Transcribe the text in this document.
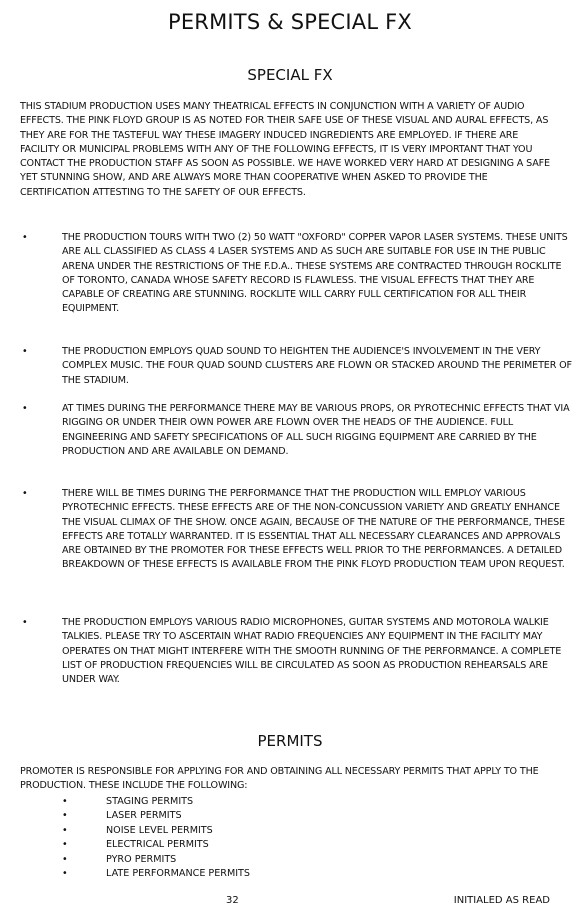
PERMITS & SPECIAL FX
SPECIAL FX
THIS STADIUM PRODUCTION USES MANY THEATRICAL EFFECTS IN CONJUNCTION WITH A VARIETY OF AUDIO EFFECTS. THE PINK FLOYD GROUP IS AS NOTED FOR THEIR SAFE USE OF THESE VISUAL AND AURAL EFFECTS, AS THEY ARE FOR THE TASTEFUL WAY THESE IMAGERY INDUCED INGREDIENTS ARE EMPLOYED. IF THERE ARE FACILITY OR MUNICIPAL PROBLEMS WITH ANY OF THE FOLLOWING EFFECTS, IT IS VERY IMPORTANT THAT YOU CONTACT THE PRODUCTION STAFF AS SOON AS POSSIBLE. WE HAVE WORKED VERY HARD AT DESIGNING A SAFE YET STUNNING SHOW, AND ARE ALWAYS MORE THAN COOPERATIVE WHEN ASKED TO PROVIDE THE CERTIFICATION ATTESTING TO THE SAFETY OF OUR EFFECTS.
•	THE PRODUCTION TOURS WITH TWO (2) 50 WATT "OXFORD" COPPER VAPOR LASER SYSTEMS. THESE UNITS ARE ALL CLASSIFIED AS CLASS 4 LASER SYSTEMS AND AS SUCH ARE SUITABLE FOR USE IN THE PUBLIC ARENA UNDER THE RESTRICTIONS OF THE F.D.A.. THESE SYSTEMS ARE CONTRACTED THROUGH ROCKLITE OF TORONTO, CANADA WHOSE SAFETY RECORD IS FLAWLESS. THE VISUAL EFFECTS THAT THEY ARE CAPABLE OF CREATING ARE STUNNING. ROCKLITE WILL CARRY FULL CERTIFICATION FOR ALL THEIR EQUIPMENT.
•	THE PRODUCTION EMPLOYS QUAD SOUND TO HEIGHTEN THE AUDIENCE'S INVOLVEMENT IN THE VERY COMPLEX MUSIC. THE FOUR QUAD SOUND CLUSTERS ARE FLOWN OR STACKED AROUND THE PERIMETER OF THE STADIUM.
•	AT TIMES DURING THE PERFORMANCE THERE MAY BE VARIOUS PROPS, OR PYROTECHNIC EFFECTS THAT VIA RIGGING OR UNDER THEIR OWN POWER ARE FLOWN OVER THE HEADS OF THE AUDIENCE. FULL ENGINEERING AND SAFETY SPECIFICATIONS OF ALL SUCH RIGGING EQUIPMENT ARE CARRIED BY THE PRODUCTION AND ARE AVAILABLE ON DEMAND.
•	THERE WILL BE TIMES DURING THE PERFORMANCE THAT THE PRODUCTION WILL EMPLOY VARIOUS PYROTECHNIC EFFECTS. THESE EFFECTS ARE OF THE NON-CONCUSSION VARIETY AND GREATLY ENHANCE THE VISUAL CLIMAX OF THE SHOW. ONCE AGAIN, BECAUSE OF THE NATURE OF THE PERFORMANCE, THESE EFFECTS ARE TOTALLY WARRANTED. IT IS ESSENTIAL THAT ALL NECESSARY CLEARANCES AND APPROVALS ARE OBTAINED BY THE PROMOTER FOR THESE EFFECTS WELL PRIOR TO THE PERFORMANCES. A DETAILED BREAKDOWN OF THESE EFFECTS IS AVAILABLE FROM THE PINK FLOYD PRODUCTION TEAM UPON REQUEST.
•	THE PRODUCTION EMPLOYS VARIOUS RADIO MICROPHONES, GUITAR SYSTEMS AND MOTOROLA WALKIE TALKIES. PLEASE TRY TO ASCERTAIN WHAT RADIO FREQUENCIES ANY EQUIPMENT IN THE FACILITY MAY OPERATES ON THAT MIGHT INTERFERE WITH THE SMOOTH RUNNING OF THE PERFORMANCE. A COMPLETE LIST OF PRODUCTION FREQUENCIES WILL BE CIRCULATED AS SOON AS PRODUCTION REHEARSALS ARE UNDER WAY.
PERMITS
PROMOTER IS RESPONSIBLE FOR APPLYING FOR AND OBTAINING ALL NECESSARY PERMITS THAT APPLY TO THE PRODUCTION. THESE INCLUDE THE FOLLOWING:
•	STAGING PERMITS
•	LASER PERMITS
•	NOISE LEVEL PERMITS
•	ELECTRICAL PERMITS
•	PYRO PERMITS
•	LATE PERFORMANCE PERMITS
32	INITIALED AS READ
